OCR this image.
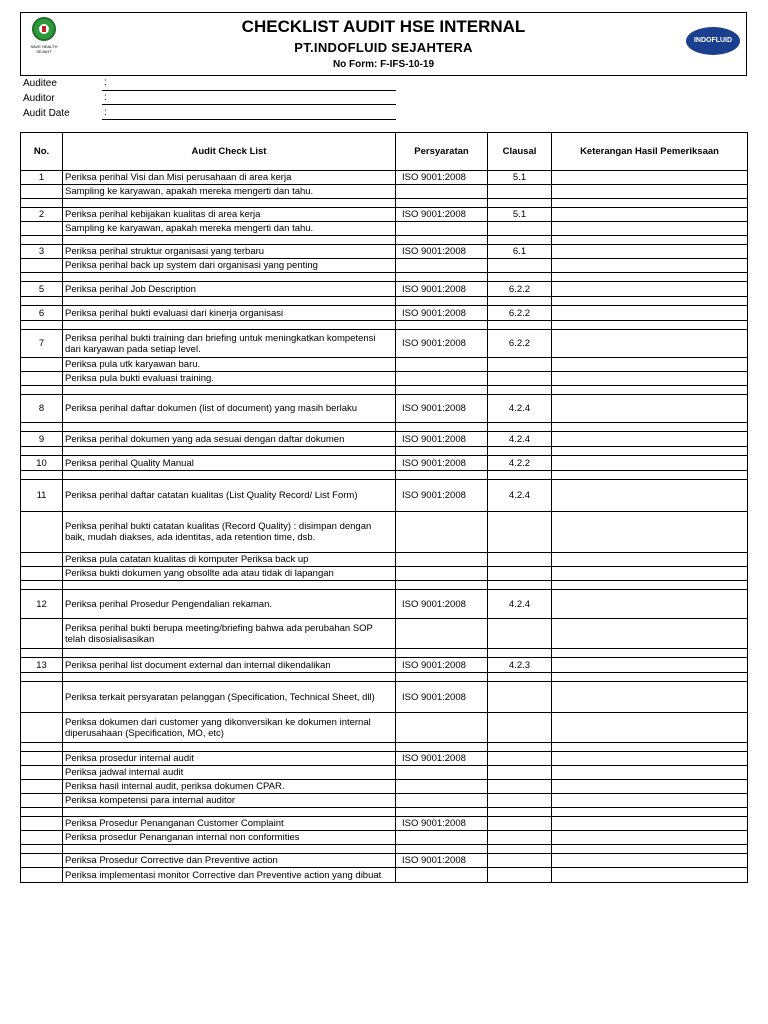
SAVE HEALTH SEJAHT
CHECKLIST AUDIT HSE INTERNAL
PT.INDOFLUID SEJAHTERA
No Form: F-IFS-10-19
INDOFLUID
Auditee	:
Auditor	:
Audit Date	:
No.	Audit Check List	Persyaratan	Clausal	Keterangan Hasil Pemeriksaan
1	Periksa perihal Visi dan Misi perusahaan di area kerja	ISO 9001:2008	5.1	
	Sampling ke karyawan, apakah mereka mengerti dan tahu.			

2	Periksa perihal kebijakan kualitas di area kerja	ISO 9001:2008	5.1	
	Sampling ke karyawan, apakah mereka mengerti dan tahu.			

3	Periksa perihal struktur organisasi yang terbaru	ISO 9001:2008	6.1	
	Periksa perihal back up system dari organisasi yang penting			

5	Periksa perihal Job Description	ISO 9001:2008	6.2.2	

6	Periksa perihal bukti evaluasi dari kinerja organisasi	ISO 9001:2008	6.2.2	

7	Periksa perihal bukti training dan briefing untuk meningkatkan kompetensi dari karyawan pada setiap level.	ISO 9001:2008	6.2.2	
	Periksa pula utk karyawan baru.			
	Periksa pula bukti evaluasi training.			

8	Periksa perihal daftar dokumen (list of document) yang masih berlaku	ISO 9001:2008	4.2.4	

9	Periksa perihal dokumen yang ada sesuai dengan daftar dokumen	ISO 9001:2008	4.2.4	

10	Periksa perihal Quality Manual	ISO 9001:2008	4.2.2	

11	Periksa perihal daftar catatan kualitas (List Quality Record/ List Form)	ISO 9001:2008	4.2.4	
	Periksa perihal bukti catatan kualitas (Record Quality) : disimpan dengan baik, mudah diakses, ada identitas, ada retention time, dsb.			
	Periksa pula catatan kualitas di komputer Periksa back up			
	Periksa bukti dokumen yang obsollte ada atau tidak di lapangan			

12	Periksa perihal Prosedur Pengendalian rekaman.	ISO 9001:2008	4.2.4	
	Periksa perihal bukti berupa meeting/briefing bahwa ada perubahan SOP telah disosialisasikan			

13	Periksa perihal list document external dan internal dikendalikan	ISO 9001:2008	4.2.3	

	Periksa terkait persyaratan pelanggan (Specification, Technical Sheet, dll)	ISO 9001:2008		
	Periksa dokumen dari customer yang dikonversikan ke dokumen internal diperusahaan (Specification, MO, etc)			

	Periksa prosedur internal audit	ISO 9001:2008		
	Periksa jadwal internal audit			
	Periksa hasil internal audit, periksa dokumen CPAR.			
	Periksa kompetensi para internal auditor			

	Periksa Prosedur Penanganan Customer Complaint	ISO 9001:2008		
	Periksa prosedur Penanganan internal non conformities			

	Periksa Prosedur Corrective dan Preventive action	ISO 9001:2008		
	Periksa implementasi monitor Corrective dan Preventive action yang dibuat			
